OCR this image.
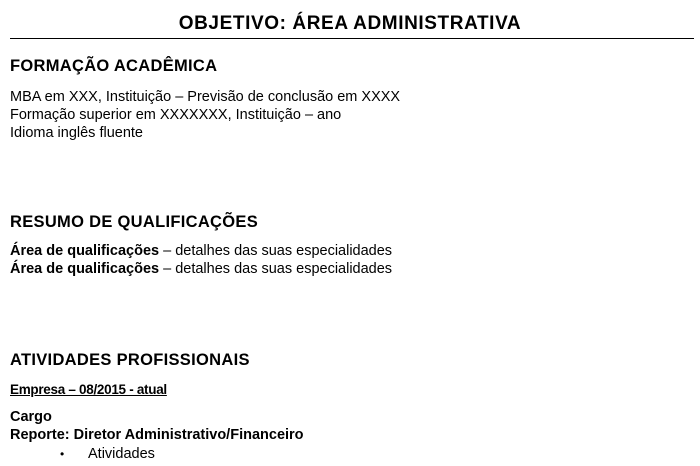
OBJETIVO: ÁREA ADMINISTRATIVA
FORMAÇÃO ACADÊMICA
MBA em XXX, Instituição – Previsão de conclusão em XXXX
Formação superior em XXXXXXX, Instituição – ano
Idioma inglês fluente
RESUMO DE QUALIFICAÇÕES
Área de qualificações – detalhes das suas especialidades
Área de qualificações – detalhes das suas especialidades
ATIVIDADES PROFISSIONAIS
Empresa – 08/2015 - atual
Cargo
Reporte: Diretor Administrativo/Financeiro
• Atividades
